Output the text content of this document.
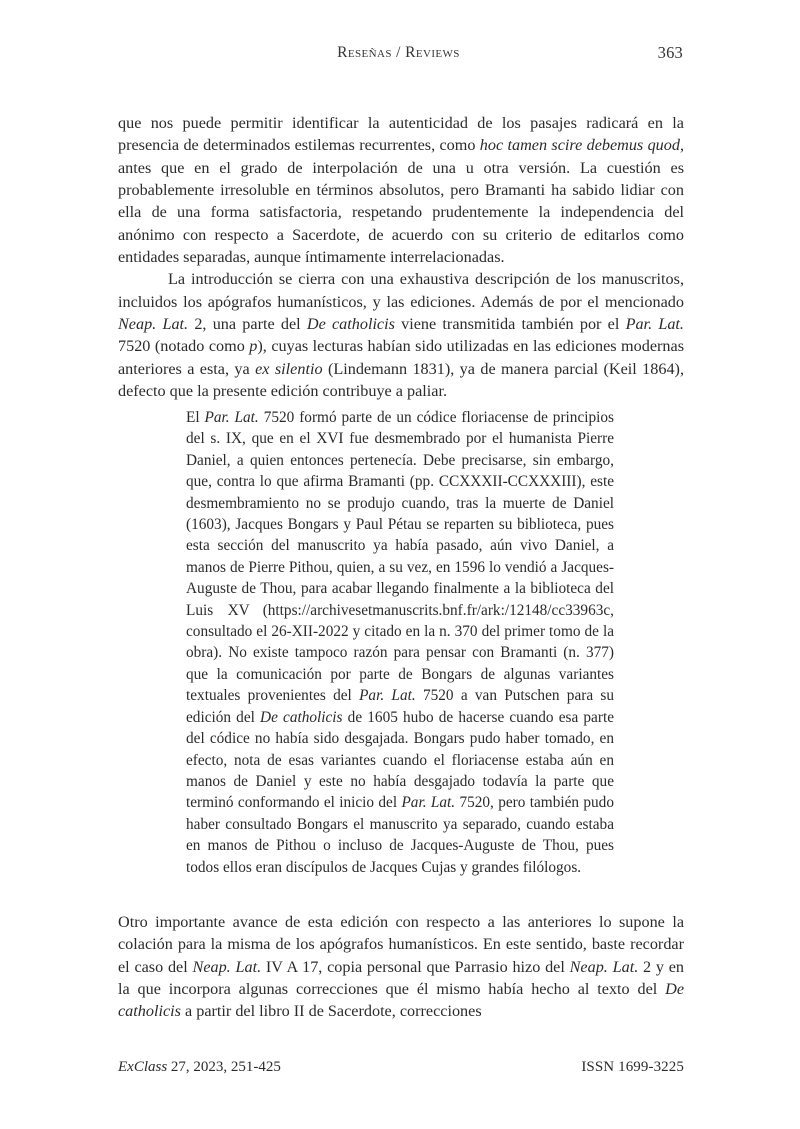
Reseñas / Reviews	363

que nos puede permitir identificar la autenticidad de los pasajes radicará en la presencia de determinados estilemas recurrentes, como hoc tamen scire debemus quod, antes que en el grado de interpolación de una u otra versión. La cuestión es probablemente irresoluble en términos absolutos, pero Bramanti ha sabido lidiar con ella de una forma satisfactoria, respetando prudentemente la independencia del anónimo con respecto a Sacerdote, de acuerdo con su criterio de editarlos como entidades separadas, aunque íntimamente interrelacionadas.

La introducción se cierra con una exhaustiva descripción de los manuscritos, incluidos los apógrafos humanísticos, y las ediciones. Además de por el mencionado Neap. Lat. 2, una parte del De catholicis viene transmitida también por el Par. Lat. 7520 (notado como p), cuyas lecturas habían sido utilizadas en las ediciones modernas anteriores a esta, ya ex silentio (Lindemann 1831), ya de manera parcial (Keil 1864), defecto que la presente edición contribuye a paliar.

El Par. Lat. 7520 formó parte de un códice floriacense de principios del s. IX, que en el XVI fue desmembrado por el humanista Pierre Daniel, a quien entonces pertenecía. Debe precisarse, sin embargo, que, contra lo que afirma Bramanti (pp. CCXXXII-CCXXXIII), este desmembramiento no se produjo cuando, tras la muerte de Daniel (1603), Jacques Bongars y Paul Pétau se reparten su biblioteca, pues esta sección del manuscrito ya había pasado, aún vivo Daniel, a manos de Pierre Pithou, quien, a su vez, en 1596 lo vendió a Jacques-Auguste de Thou, para acabar llegando finalmente a la biblioteca del Luis XV (https://archivesetmanuscrits.bnf.fr/ark:/12148/cc33963c, consultado el 26-XII-2022 y citado en la n. 370 del primer tomo de la obra). No existe tampoco razón para pensar con Bramanti (n. 377) que la comunicación por parte de Bongars de algunas variantes textuales provenientes del Par. Lat. 7520 a van Putschen para su edición del De catholicis de 1605 hubo de hacerse cuando esa parte del códice no había sido desgajada. Bongars pudo haber tomado, en efecto, nota de esas variantes cuando el floriacense estaba aún en manos de Daniel y este no había desgajado todavía la parte que terminó conformando el inicio del Par. Lat. 7520, pero también pudo haber consultado Bongars el manuscrito ya separado, cuando estaba en manos de Pithou o incluso de Jacques-Auguste de Thou, pues todos ellos eran discípulos de Jacques Cujas y grandes filólogos.

Otro importante avance de esta edición con respecto a las anteriores lo supone la colación para la misma de los apógrafos humanísticos. En este sentido, baste recordar el caso del Neap. Lat. IV A 17, copia personal que Parrasio hizo del Neap. Lat. 2 y en la que incorpora algunas correcciones que él mismo había hecho al texto del De catholicis a partir del libro II de Sacerdote, correcciones

ExClass 27, 2023, 251-425	ISSN 1699-3225
